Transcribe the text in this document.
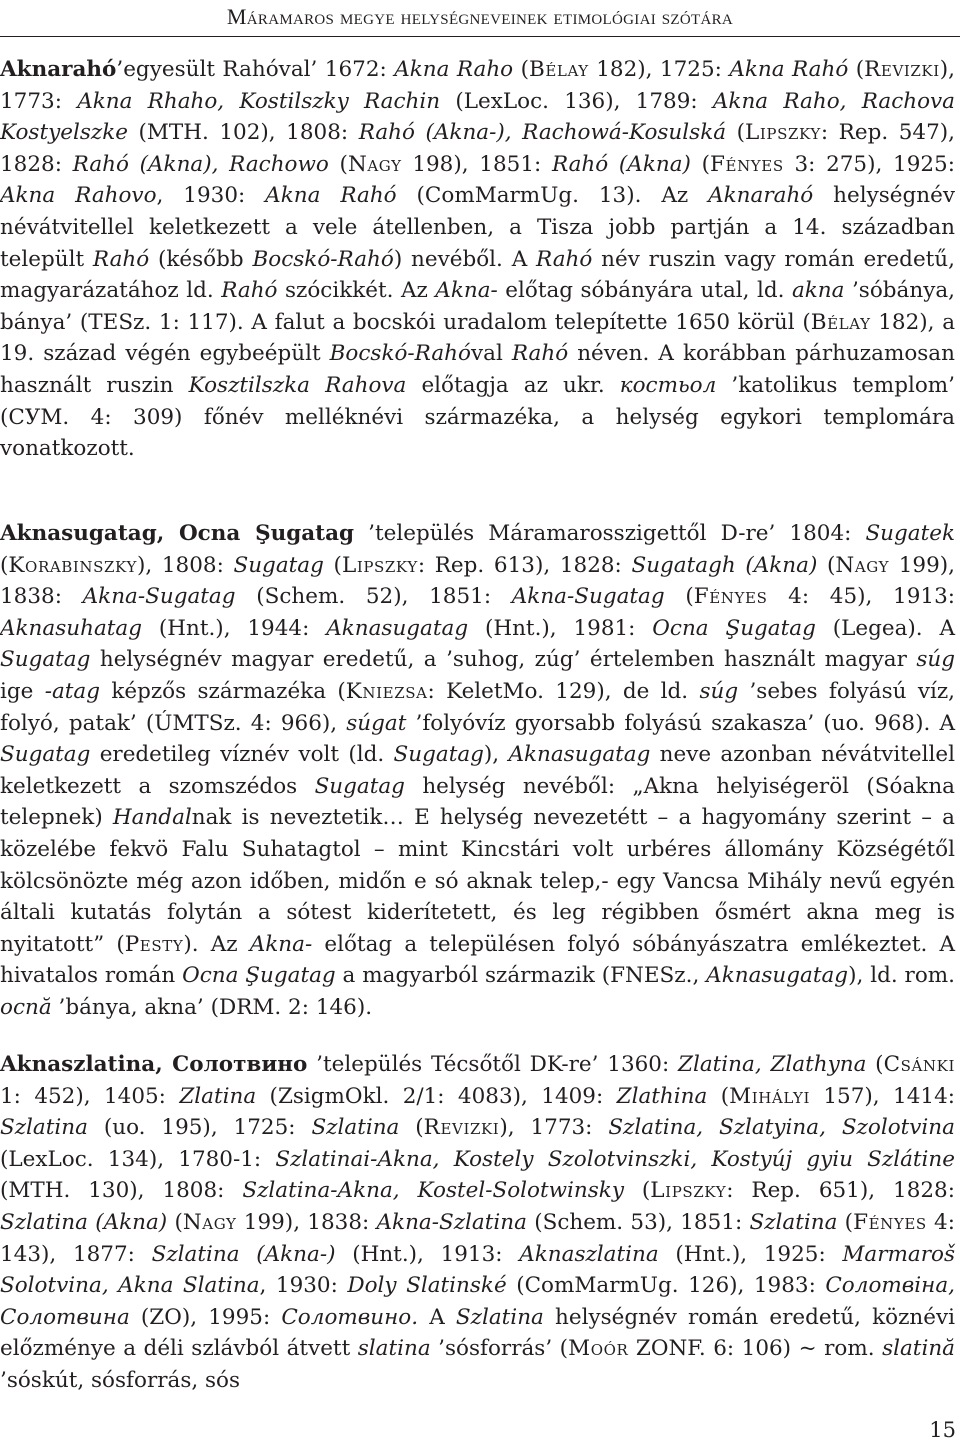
Máramaros megye helységneveinek etimológiai szótára
Aknarahó’egyesült Rahóval’ 1672: Akna Raho (Bélay 182), 1725: Akna Rahó (Revizki), 1773: Akna Rhaho, Kostilszky Rachin (LexLoc. 136), 1789: Akna Raho, Rachova Kostyelszke (MTH. 102), 1808: Rahó (Akna-), Rachowá-Kosulská (Lipszky: Rep. 547), 1828: Rahó (Akna), Rachowo (Nagy 198), 1851: Rahó (Akna) (Fényes 3: 275), 1925: Akna Rahovo, 1930: Akna Rahó (ComMarmUg. 13). Az Aknarahó helységnév névátvitellel keletkezett a vele átellenben, a Tisza jobb partján a 14. században települt Rahó (később Bocskó-Rahó) nevéből. A Rahó név ruszin vagy román eredetű, magyarázatához ld. Rahó szócikkét. Az Akna- előtag sóbányára utal, ld. akna ’sóbánya, bánya’ (TESz. 1: 117). A falut a bocskói uradalom telepítette 1650 körül (Bélay 182), a 19. század végén egybeépült Bocskó-Rahóval Rahó néven. A korábban párhuzamosan használt ruszin Kosztilszka Rahova előtagja az ukr. костьол ’katolikus templom’ (СУМ. 4: 309) főnév melléknévi származéka, a helység egykori templomára vonatkozott.
Aknasugatag, Ocna Şugatag ’település Máramarosszigettől D-re’ 1804: Sugatek (Korabinszky), 1808: Sugatag (Lipszky: Rep. 613), 1828: Sugatagh (Akna) (Nagy 199), 1838: Akna-Sugatag (Schem. 52), 1851: Akna-Sugatag (Fényes 4: 45), 1913: Aknasuhatag (Hnt.), 1944: Aknasugatag (Hnt.), 1981: Ocna Şugatag (Legea). A Sugatag helységnév magyar eredetű, a ’suhog, zúg’ értelemben használt magyar súg ige -atag képzős származéka (Kniezsa: KeletMo. 129), de ld. súg ’sebes folyású víz, folyó, patak’ (ÚMTSz. 4: 966), súgat ’folyóvíz gyorsabb folyású szakasza’ (uo. 968). A Sugatag eredetileg víznév volt (ld. Sugatag), Aknasugatag neve azonban névátvitellel keletkezett a szomszédos Sugatag helység nevéből: „Akna helyiségeröl (Sóakna telepnek) Handalnak is neveztetik… E helység nevezetétt – a hagyomány szerint – a közelébe fekvö Falu Suhatagtol – mint Kincstári volt urbéres állomány Községétől kölcsönözte még azon időben, midőn e só aknak telep,- egy Vancsa Mihály nevű egyén általi kutatás folytán a sótest kiderítetett, és leg régibben ősmért akna meg is nyitatott” (Pesty). Az Akna- előtag a településen folyó sóbányászatra emlékeztet. A hivatalos román Ocna Şugatag a magyarból származik (FNESz., Aknasugatag), ld. rom. ocnă ’bánya, akna’ (DRM. 2: 146).
Aknaszlatina, Солотвино ’település Técsőtől DK-re’ 1360: Zlatina, Zlathyna (Csánki 1: 452), 1405: Zlatina (ZsigmOkl. 2/1: 4083), 1409: Zlathina (Mihályi 157), 1414: Szlatina (uo. 195), 1725: Szlatina (Revizki), 1773: Szlatina, Szlatyina, Szolotvina (LexLoc. 134), 1780-1: Szlatinai-Akna, Kostely Szolotvinszki, Kostyúj gyiu Szlátine (MTH. 130), 1808: Szlatina-Akna, Kostel-Solotwinsky (Lipszky: Rep. 651), 1828: Szlatina (Akna) (Nagy 199), 1838: Akna-Szlatina (Schem. 53), 1851: Szlatina (Fényes 4: 143), 1877: Szlatina (Akna-) (Hnt.), 1913: Aknaszlatina (Hnt.), 1925: Marmaroš Solotvina, Akna Slatina, 1930: Doly Slatinské (ComMarmUg. 126), 1983: Солотвіна, Солотвина (ZO), 1995: Солотвино. A Szlatina helységnév román eredetű, köznévi előzménye a déli szlávból átvett slatina ’sósforrás’ (Moór ZONF. 6: 106) ~ rom. slatină ’sóskút, sósforrás, sós
15
